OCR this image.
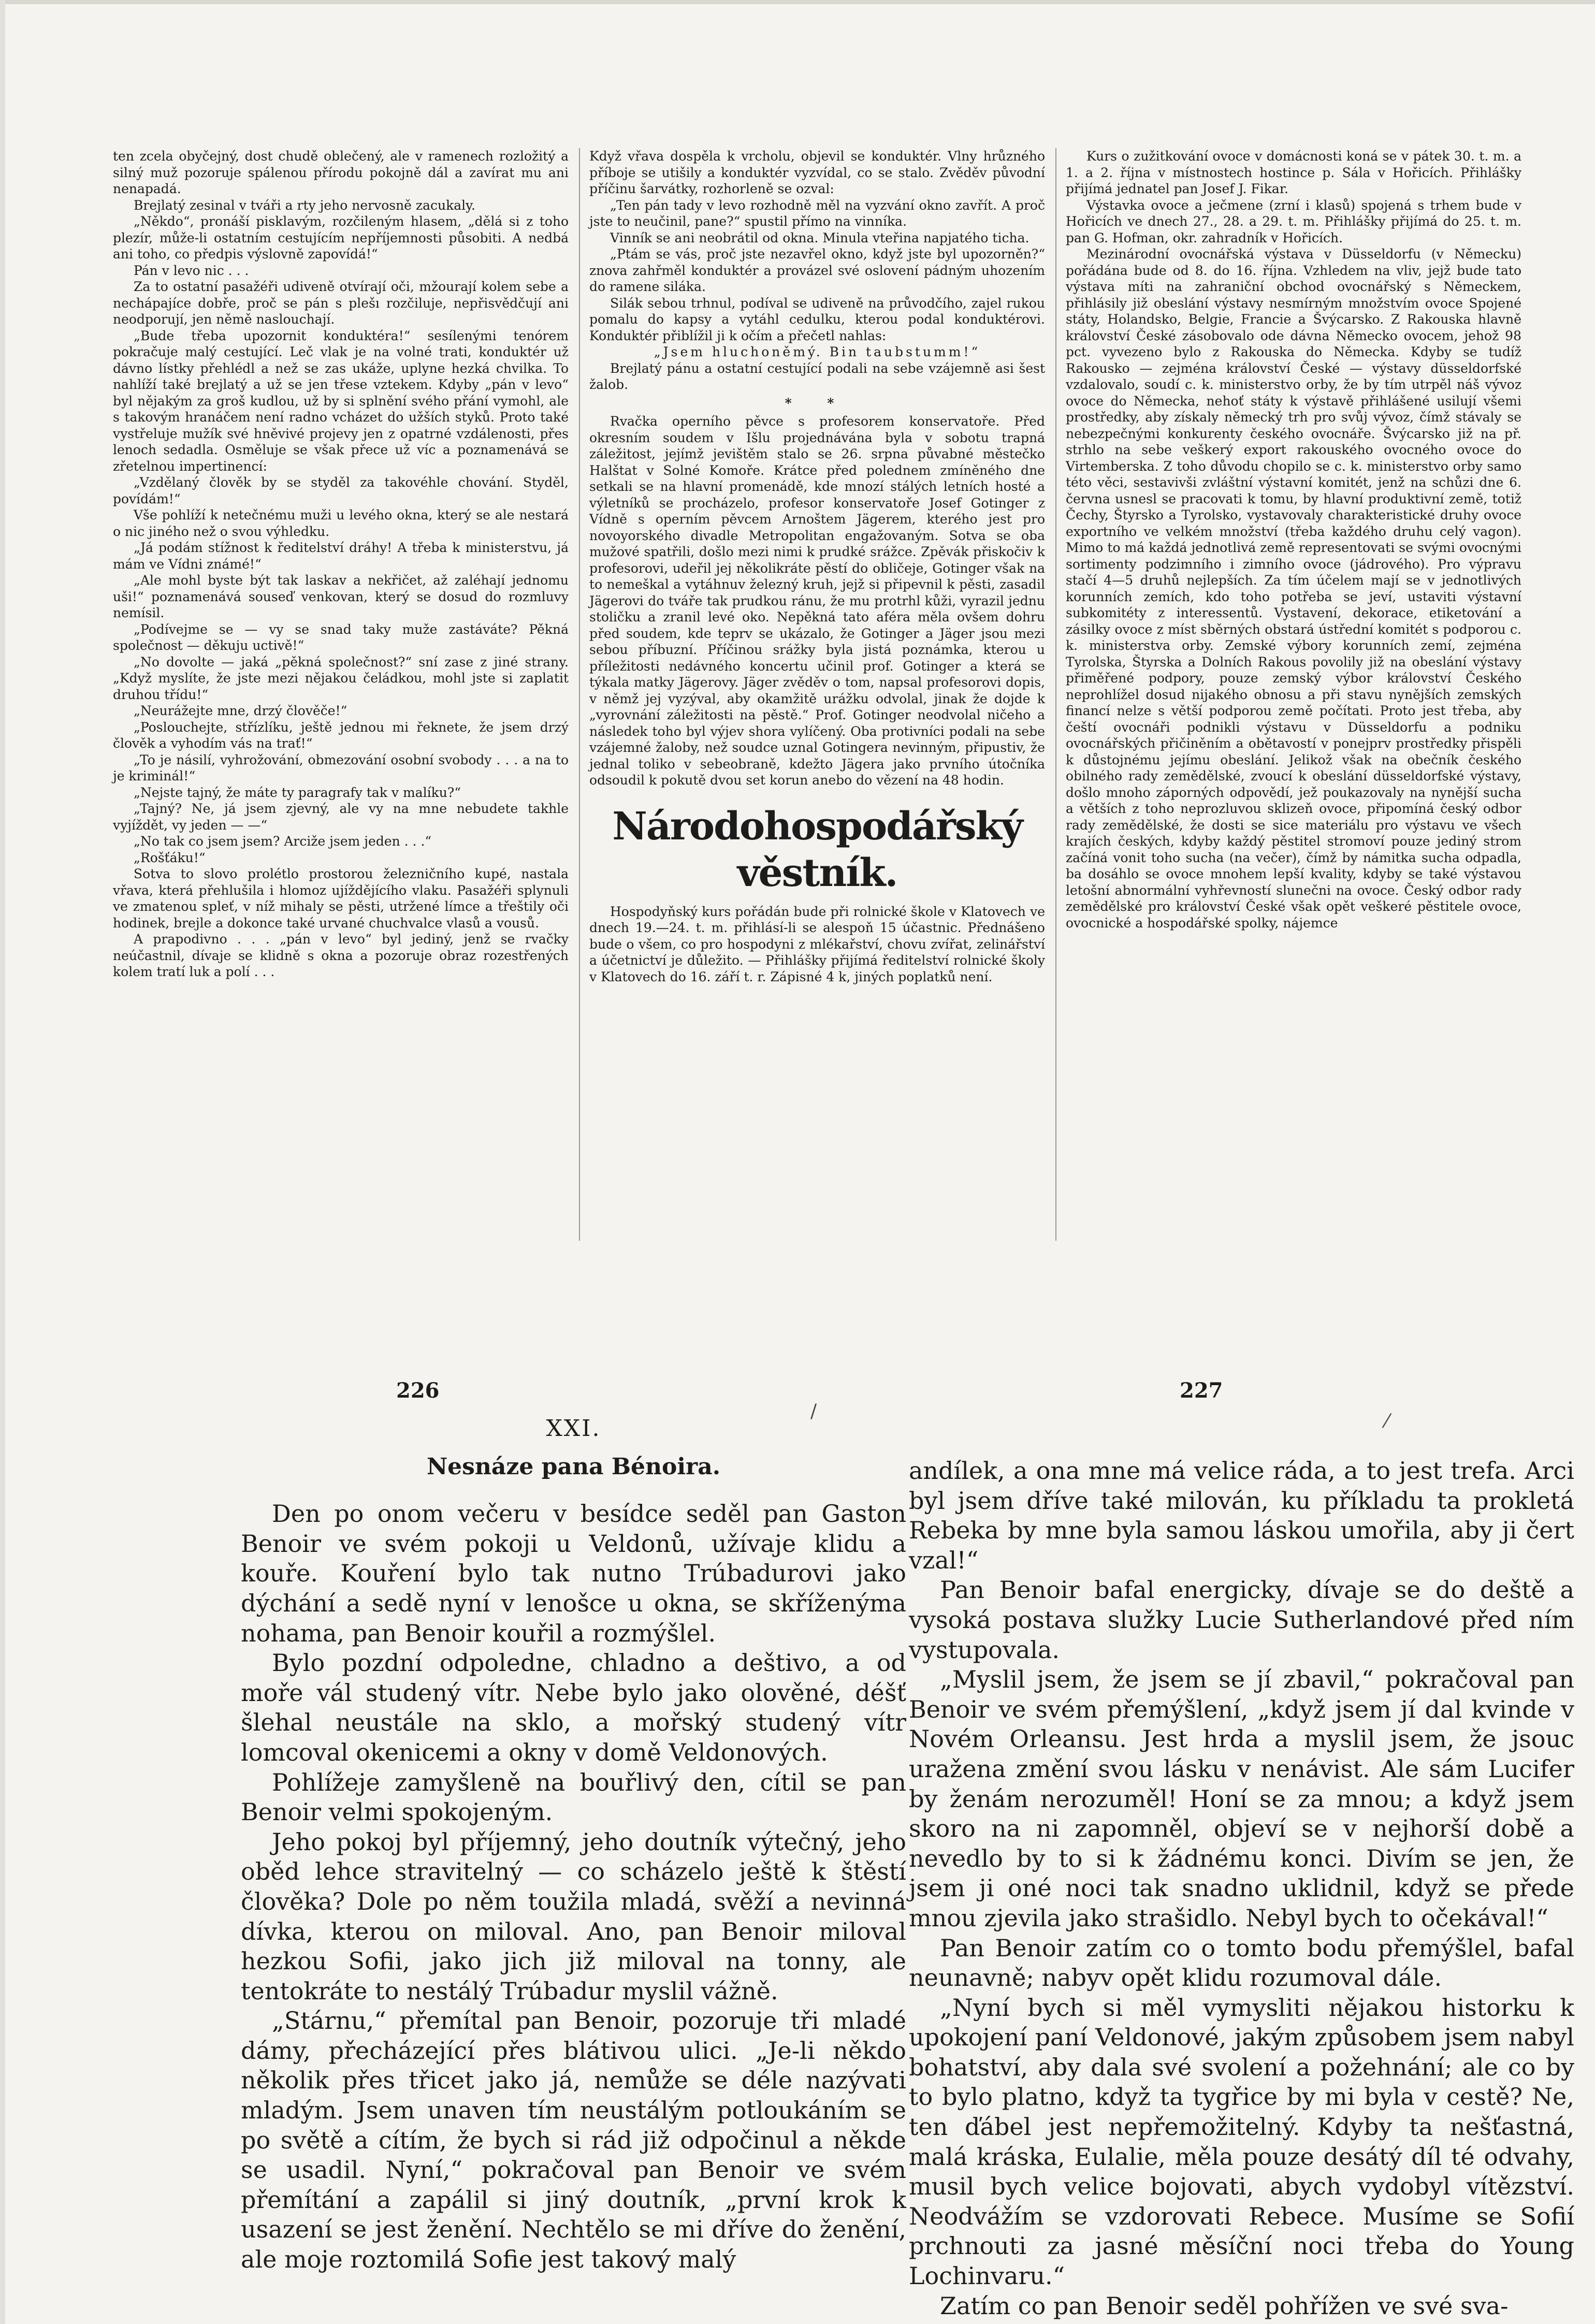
ten zcela obyčejný, dost chudě oblečený, ale v ramenech rozložitý a silný muž pozoruje spálenou přírodu pokojně dál a zavírat mu ani nenapadá.

Brejlatý zesinal v tváři a rty jeho nervosně zacukaly.

„Někdo“, pronáší pisklavým, rozčileným hlasem, „dělá si z toho plezír, může-li ostatním cestujícím nepříjemnosti působiti. A nedbá ani toho, co předpis výslovně zapovídá!“

Pán v levo nic . . .

Za to ostatní pasažéři udiveně otvírají oči, mžourají kolem sebe a nechápajíce dobře, proč se pán s plešı rozčiluje, nepřisvědčují ani neodporují, jen němě naslouchají.

„Bude třeba upozornit konduktéra!“ sesílenými tenórem pokračuje malý cestující. Leč vlak je na volné trati, konduktér už dávno lístky přehlédl a než se zas ukáže, uplyne hezká chvilka. To nahlíží také brejlatý a už se jen třese vztekem. Kdyby „pán v levo“ byl nějakým za groš kudlou, už by si splnění svého přání vymohl, ale s takovým hranáčem není radno vcházet do užších styků. Proto také vystřeluje mužík své hněvivé projevy jen z opatrné vzdálenosti, přes lenoch sedadla. Osměluje se však přece už víc a poznamenává se zřetelnou impertinencí:

„Vzdělaný člověk by se styděl za takovéhle chování. Styděl, povídám!“

Vše pohlíží k netečnému muži u levého okna, který se ale nestará o nic jiného než o svou výhledku.

„Já podám stížnost k ředitelství dráhy! A třeba k ministerstvu, já mám ve Vídni známé!“

„Ale mohl byste být tak laskav a nekřičet, až zaléhají jednomu uši!“ poznamenává souseď venkovan, který se dosud do rozmluvy nemísil.

„Podívejme se — vy se snad taky muže zastáváte? Pěkná společnost — děkuju uctivě!“

„No dovolte — jaká „pěkná společnost?“ sní zase z jiné strany. „Když myslíte, že jste mezi nějakou čeládkou, mohl jste si zaplatit druhou třídu!“

„Neurážejte mne, drzý člověče!“

„Poslouchejte, střízlíku, ještě jednou mi řeknete, že jsem drzý člověk a vyhodím vás na trať!“

„To je násilí, vyhrožování, obmezování osobní svobody . . . a na to je kriminál!“

„Nejste tajný, že máte ty paragrafy tak v malíku?“

„Tajný? Ne, já jsem zjevný, ale vy na mne nebudete takhle vyjíždět, vy jeden — —“

„No tak co jsem jsem? Arciže jsem jeden . . .“

„Rošťáku!“

Sotva to slovo prolétlo prostorou železničního kupé, nastala vřava, která přehlušila i hlomoz ujíždějícího vlaku. Pasažéři splynuli ve zmatenou spleť, v níž mihaly se pěsti, utržené límce a třeštily oči hodinek, brejle a dokonce také urvané chuchvalce vlasů a vousů.

A prapodivno . . . „pán v levo“ byl jediný, jenž se rvačky neúčastnil, dívaje se klidně s okna a pozoruje obraz rozestřených kolem tratí luk a polí . . .

Když vřava dospěla k vrcholu, objevil se konduktér. Vlny hrůzného příboje se utišily a konduktér vyzvídal, co se stalo. Zvěděv původní příčinu šarvátky, rozhorleně se ozval:

„Ten pán tady v levo rozhodně měl na vyzvání okno zavřít. A proč jste to neučinil, pane?“ spustil přímo na vinníka.

Vinník se ani neobrátil od okna. Minula vteřina napjatého ticha.

„Ptám se vás, proč jste nezavřel okno, když jste byl upozorněn?“ znova zahřměl konduktér a provázel své oslovení pádným uhozením do ramene siláka.

Silák sebou trhnul, podíval se udiveně na průvodčího, zajel rukou pomalu do kapsy a vytáhl cedulku, kterou podal konduktérovi. Konduktér přiblížil ji k očím a přečetl nahlas:

„Jsem hluchoněmý. Bin taubstumm!“

Brejlatý pánu a ostatní cestující podali na sebe vzájemně asi šest žalob.

* *

Rvačka operního pěvce s profesorem konservatoře. Před okresním soudem v Išlu projednávána byla v sobotu trapná záležitost, jejímž jevištěm stalo se 26. srpna půvabné městečko Halštat v Solné Komoře. Krátce před polednem zmíněného dne setkali se na hlavní promenádě, kde mnozí stálých letních hosté a výletníků se procházelo, profesor konservatoře Josef Gotinger z Vídně s operním pěvcem Arnoštem Jägerem, kterého jest pro novoyorského divadle Metropolitan engažovaným. Sotva se oba mužové spatřili, došlo mezi nimi k prudké srážce. Zpěvák přiskočiv k profesorovi, udeřil jej několikráte pěstí do obličeje, Gotinger však na to nemeškal a vytáhnuv železný kruh, jejž si připevnil k pěsti, zasadil Jägerovi do tváře tak prudkou ránu, že mu protrhl kůži, vyrazil jednu stoličku a zranil levé oko. Nepěkná tato aféra měla ovšem dohru před soudem, kde teprv se ukázalo, že Gotinger a Jäger jsou mezi sebou příbuzní. Příčinou srážky byla jistá poznámka, kterou u příležitosti nedávného koncertu učinil prof. Gotinger a která se týkala matky Jägerovy. Jäger zvěděv o tom, napsal profesorovi dopis, v němž jej vyzýval, aby okamžitě urážku odvolal, jinak že dojde k „vyrovnání záležitosti na pěstě.“ Prof. Gotinger neodvolal ničeho a následek toho byl výjev shora vylíčený. Oba protivníci podali na sebe vzájemné žaloby, než soudce uznal Gotingera nevinným, připustiv, že jednal toliko v sebeobraně, kdežto Jägera jako prvního útočníka odsoudil k pokutě dvou set korun anebo do vězení na 48 hodin.

Národohospodářský věstník.

Hospodyňský kurs pořádán bude při rolnické škole v Klatovech ve dnech 19.—24. t. m. přihlásí-li se alespoň 15 účastnic. Přednášeno bude o všem, co pro hospodyni z mlékařství, chovu zvířat, zelinářství a účetnictví je důležito. — Přihlášky přijímá ředitelství rolnické školy v Klatovech do 16. září t. r. Zápisné 4 k, jiných poplatků není.

Kurs o zužitkování ovoce v domácnosti koná se v pátek 30. t. m. a 1. a 2. října v místnostech hostince p. Sála v Hořicích. Přihlášky přijímá jednatel pan Josef J. Fikar.

Výstavka ovoce a ječmene (zrní i klasů) spojená s trhem bude v Hořicích ve dnech 27., 28. a 29. t. m. Přihlášky přijímá do 25. t. m. pan G. Hofman, okr. zahradník v Hořicích.

Mezinárodní ovocnářská výstava v Düsseldorfu (v Německu) pořádána bude od 8. do 16. října. Vzhledem na vliv, jejž bude tato výstava míti na zahraniční obchod ovocnářský s Německem, přihlásily již obeslání výstavy nesmírným množstvím ovoce Spojené státy, Holandsko, Belgie, Francie a Švýcarsko. Z Rakouska hlavně království České zásobovalo ode dávna Německo ovocem, jehož 98 pct. vyvezeno bylo z Rakouska do Německa. Kdyby se tudíž Rakousko — zejména království České — výstavy düsseldorfské vzdalovalo, soudí c. k. ministerstvo orby, že by tím utrpěl náš vývoz ovoce do Německa, nehoť státy k výstavě přihlášené usilují všemi prostředky, aby získaly německý trh pro svůj vývoz, čímž stávaly se nebezpečnými konkurenty českého ovocnáře. Švýcarsko již na př. strhlo na sebe veškerý export rakouského ovocného ovoce do Virtemberska. Z toho důvodu chopilo se c. k. ministerstvo orby samo této věci, sestavivši zvláštní výstavní komitét, jenž na schůzi dne 6. června usnesl se pracovati k tomu, by hlavní produktivní země, totiž Čechy, Štyrsko a Tyrolsko, vystavovaly charakteristické druhy ovoce exportního ve velkém množství (třeba každého druhu celý vagon). Mimo to má každá jednotlivá země representovati se svými ovocnými sortimenty podzimního i zimního ovoce (jádrového). Pro výpravu stačí 4—5 druhů nejlepších. Za tím účelem mají se v jednotlivých korunních zemích, kdo toho potřeba se jeví, ustaviti výstavní subkomitéty z interessentů. Vystavení, dekorace, etiketování a zásilky ovoce z míst sběrných obstará ústřední komitét s podporou c. k. ministerstva orby. Zemské výbory korunních zemí, zejména Tyrolska, Štyrska a Dolních Rakous povolily již na obeslání výstavy přiměřené podpory, pouze zemský výbor království Českého neprohlížel dosud nijakého obnosu a při stavu nynějších zemských financí nelze s větší podporou země počítati. Proto jest třeba, aby čeští ovocnáři podnikli výstavu v Düsseldorfu a podniku ovocnářských přičiněním a obětavostí v ponejprv prostředky přispěli k důstojnému jejímu obeslání. Jelikož však na obečník českého obilného rady zemědělské, zvoucí k obeslání düsseldorfské výstavy, došlo mnoho záporných odpovědí, jež poukazovaly na nynější sucha a větších z toho neprozluvou sklizeň ovoce, připomíná český odbor rady zemědělské, že dosti se sice materiálu pro výstavu ve všech krajích českých, kdyby každý pěstitel stromoví pouze jediný strom začíná vonit toho sucha (na večer), čímž by námitka sucha odpadla, ba dosáhlo se ovoce mnohem lepší kvality, kdyby se také výstavou letošní abnormální vyhřevností slunečni na ovoce. Český odbor rady zemědělské pro království České však opět veškeré pěstitele ovoce, ovocnické a hospodářské spolky, nájemce

226	227
/	⁄
XXI.
Nesnáze pana Bénoira.

Den po onom večeru v besídce seděl pan Gaston Benoir ve svém pokoji u Veldonů, užívaje klidu a kouře. Kouření bylo tak nutno Trúbadurovi jako dýchání a sedě nyní v lenošce u okna, se skříženýma nohama, pan Benoir kouřil a rozmýšlel.

Bylo pozdní odpoledne, chladno a deštivo, a od moře vál studený vítr. Nebe bylo jako olověné, déšť šlehal neustále na sklo, a mořský studený vítr lomcoval okenicemi a okny v domě Veldonových.

Pohlížeje zamyšleně na bouřlivý den, cítil se pan Benoir velmi spokojeným.

Jeho pokoj byl příjemný, jeho doutník výtečný, jeho oběd lehce stravitelný — co scházelo ještě k štěstí člověka? Dole po něm toužila mladá, svěží a nevinná dívka, kterou on miloval. Ano, pan Benoir miloval hezkou Sofii, jako jich již miloval na tonny, ale tentokráte to nestálý Trúbadur myslil vážně.

„Stárnu,“ přemítal pan Benoir, pozoruje tři mladé dámy, přecházející přes blátivou ulici. „Je-li někdo několik přes třicet jako já, nemůže se déle nazývati mladým. Jsem unaven tím neustálým potloukáním se po světě a cítím, že bych si rád již odpočinul a někde se usadil. Nyní,“ pokračoval pan Benoir ve svém přemítání a zapálil si jiný doutník, „první krok k usazení se jest ženění. Nechtělo se mi dříve do ženění, ale moje roztomilá Sofie jest takový malý

andílek, a ona mne má velice ráda, a to jest trefa. Arci byl jsem dříve také milován, ku příkladu ta prokletá Rebeka by mne byla samou láskou umořila, aby ji čert vzal!“

Pan Benoir bafal energicky, dívaje se do deště a vysoká postava služky Lucie Sutherlandové před ním vystupovala.

„Myslil jsem, že jsem se jí zbavil,“ pokračoval pan Benoir ve svém přemýšlení, „když jsem jí dal kvinde v Novém Orleansu. Jest hrda a myslil jsem, že jsouc uražena změní svou lásku v nenávist. Ale sám Lucifer by ženám nerozuměl! Honí se za mnou; a když jsem skoro na ni zapomněl, objeví se v nejhorší době a nevedlo by to si k žádnému konci. Divím se jen, že jsem ji oné noci tak snadno uklidnil, když se přede mnou zjevila jako strašidlo. Nebyl bych to očekával!“

Pan Benoir zatím co o tomto bodu přemýšlel, bafal neunavně; nabyv opět klidu rozumoval dále.

„Nyní bych si měl vymysliti nějakou historku k upokojení paní Veldonové, jakým způsobem jsem nabyl bohatství, aby dala své svolení a požehnání; ale co by to bylo platno, když ta tygřice by mi byla v cestě? Ne, ten ďábel jest nepřemožitelný. Kdyby ta nešťastná, malá kráska, Eulalie, měla pouze desátý díl té odvahy, musil bych velice bojovati, abych vydobyl vítězství. Neodvážím se vzdorovati Rebece. Musíme se Sofií prchnouti za jasné měsíční noci třeba do Young Lochinvaru.“

Zatím co pan Benoir seděl pohřížen ve své sva-
